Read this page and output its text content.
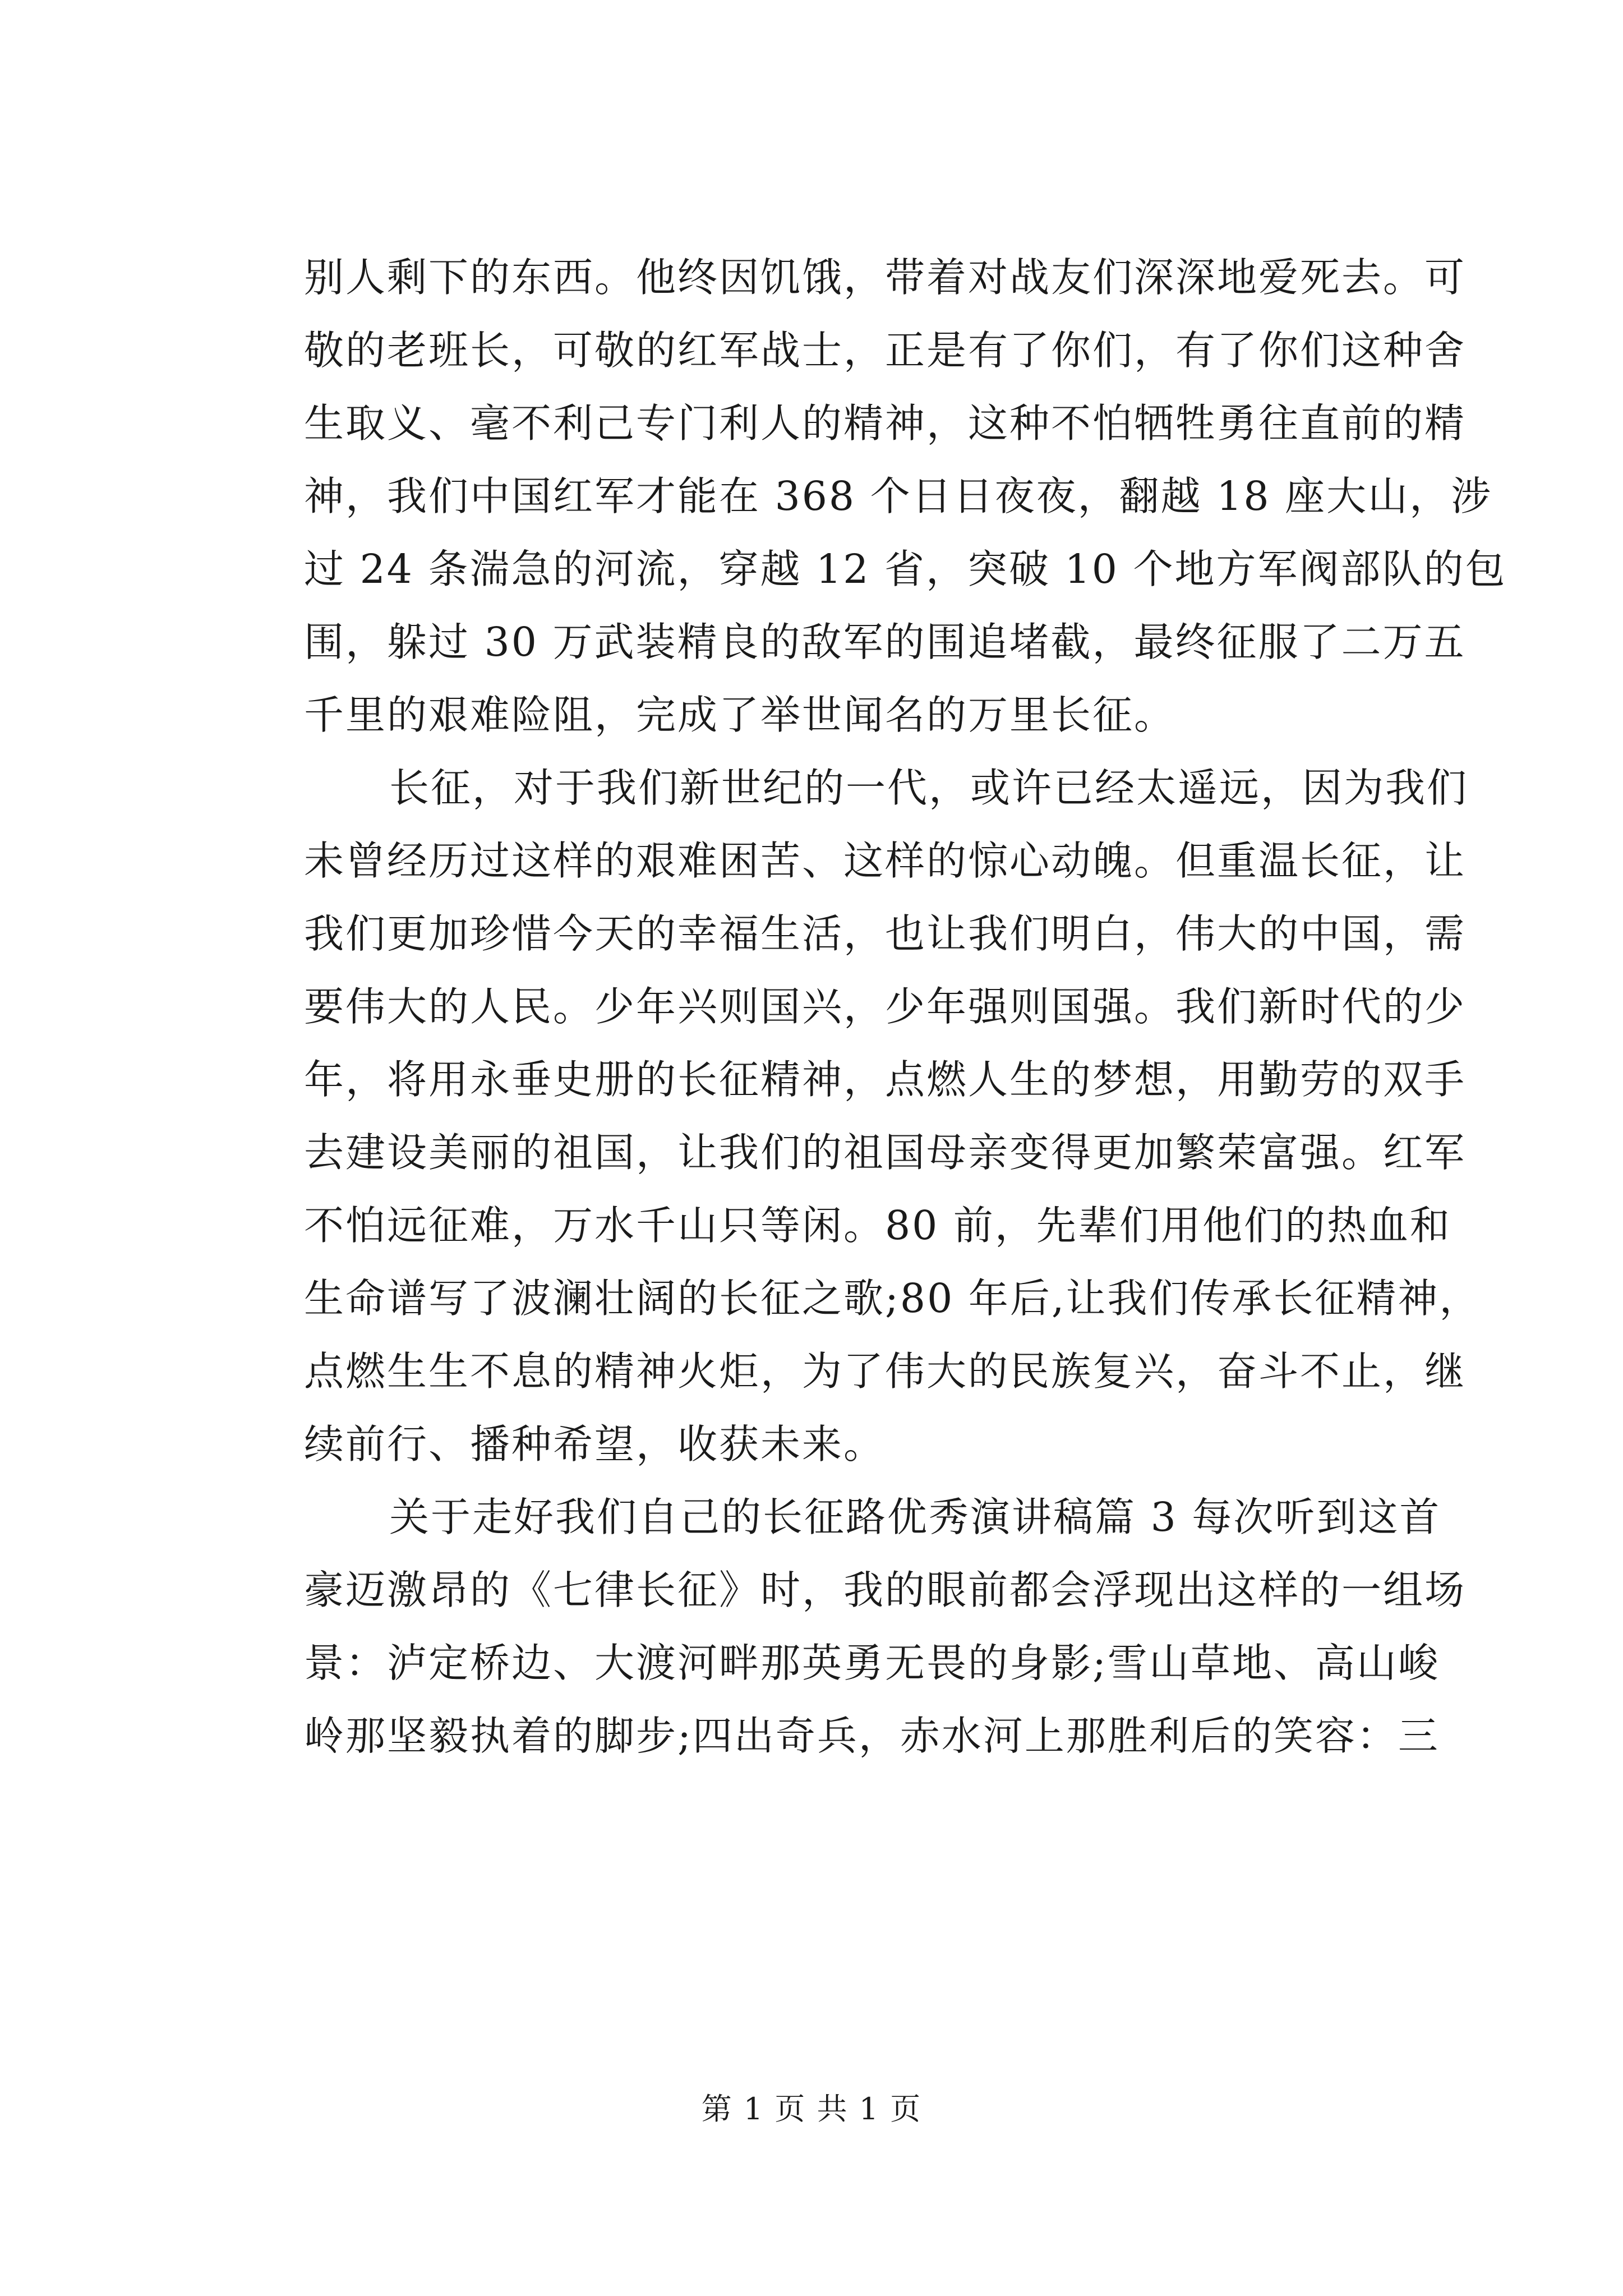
别人剩下的东西。他终因饥饿，带着对战友们深深地爱死去。可
敬的老班长，可敬的红军战士，正是有了你们，有了你们这种舍
生取义、毫不利己专门利人的精神，这种不怕牺牲勇往直前的精
神，我们中国红军才能在 368 个日日夜夜，翻越 18 座大山，涉
过 24 条湍急的河流，穿越 12 省，突破 10 个地方军阀部队的包
围，躲过 30 万武装精良的敌军的围追堵截，最终征服了二万五
千里的艰难险阻，完成了举世闻名的万里长征。

长征，对于我们新世纪的一代，或许已经太遥远，因为我们
未曾经历过这样的艰难困苦、这样的惊心动魄。但重温长征，让
我们更加珍惜今天的幸福生活，也让我们明白，伟大的中国，需
要伟大的人民。少年兴则国兴，少年强则国强。我们新时代的少
年，将用永垂史册的长征精神，点燃人生的梦想，用勤劳的双手
去建设美丽的祖国，让我们的祖国母亲变得更加繁荣富强。红军
不怕远征难，万水千山只等闲。80 前，先辈们用他们的热血和
生命谱写了波澜壮阔的长征之歌;80 年后,让我们传承长征精神，
点燃生生不息的精神火炬，为了伟大的民族复兴，奋斗不止，继
续前行、播种希望，收获未来。

关于走好我们自己的长征路优秀演讲稿篇 3 每次听到这首
豪迈激昂的《七律长征》时，我的眼前都会浮现出这样的一组场
景：泸定桥边、大渡河畔那英勇无畏的身影;雪山草地、高山峻
岭那坚毅执着的脚步;四出奇兵，赤水河上那胜利后的笑容：三

第 1 页 共 1 页
